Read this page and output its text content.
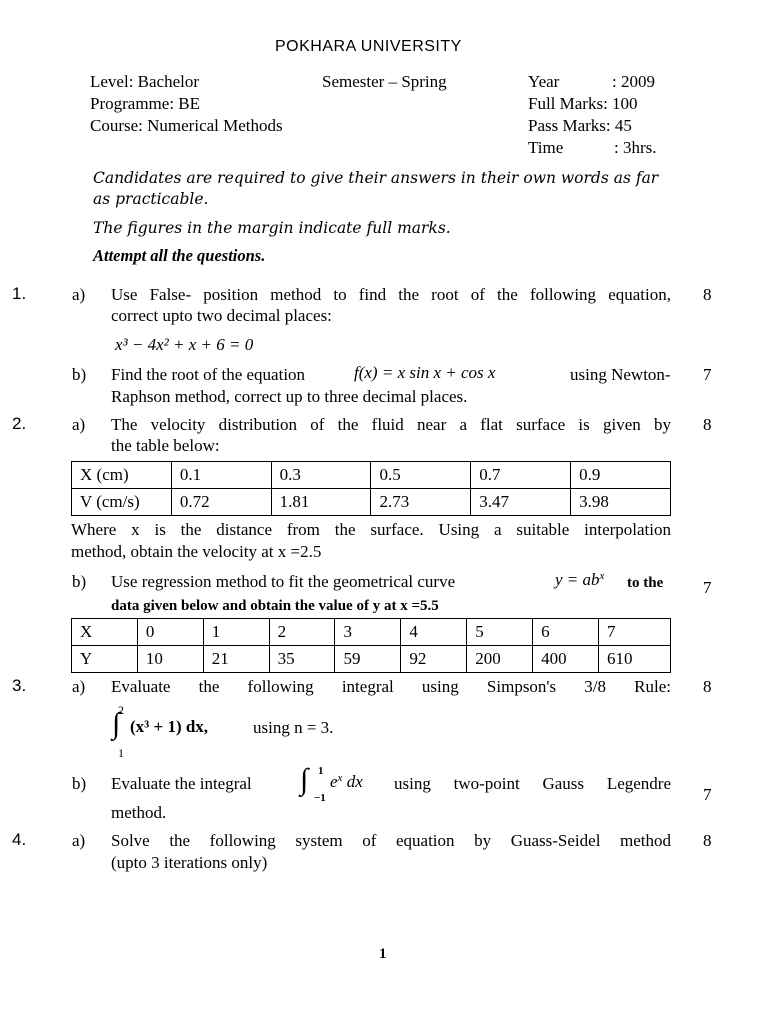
POKHARA UNIVERSITY
Level: Bachelor	Semester – Spring	Year	: 2009
Programme: BE	Full Marks: 100
Course: Numerical Methods	Pass Marks: 45
Time	: 3hrs.
Candidates are required to give their answers in their own words as far
as practicable.
The figures in the margin indicate full marks.
Attempt all the questions.
1.	a) Use False- position method to find the root of the following equation,
correct upto two decimal places:
8
x³ − 4x² + x + 6 = 0
b) Find the root of the equation	f(x) = x sin x + cos x	using Newton-
Raphson method, correct up to three decimal places.
7
2.	a) The velocity distribution of the fluid near a flat surface is given by
the table below:
8
X (cm)	0.1	0.3	0.5	0.7	0.9
V (cm/s)	0.72	1.81	2.73	3.47	3.98
Where x is the distance from the surface. Using a suitable interpolation
method, obtain the velocity at x =2.5
b) Use regression method to fit the geometrical curve	$y = ab^x$ to the
data given below and obtain the value of y at x =5.5
7
X	0	1	2	3	4	5	6	7
Y	10	21	35	59	92	200	400	610
3.	a) Evaluate the following integral using Simpson's 3/8 Rule: 8
2
∫
1
(x³ + 1) dx,	using n = 3.
b) Evaluate the integral ∫ 1
−1
$e^x$ dx using two-point Gauss Legendre
method.
7
4.	a) Solve the following system of equation by Guass-Seidel method
(upto 3 iterations only)
8
1
